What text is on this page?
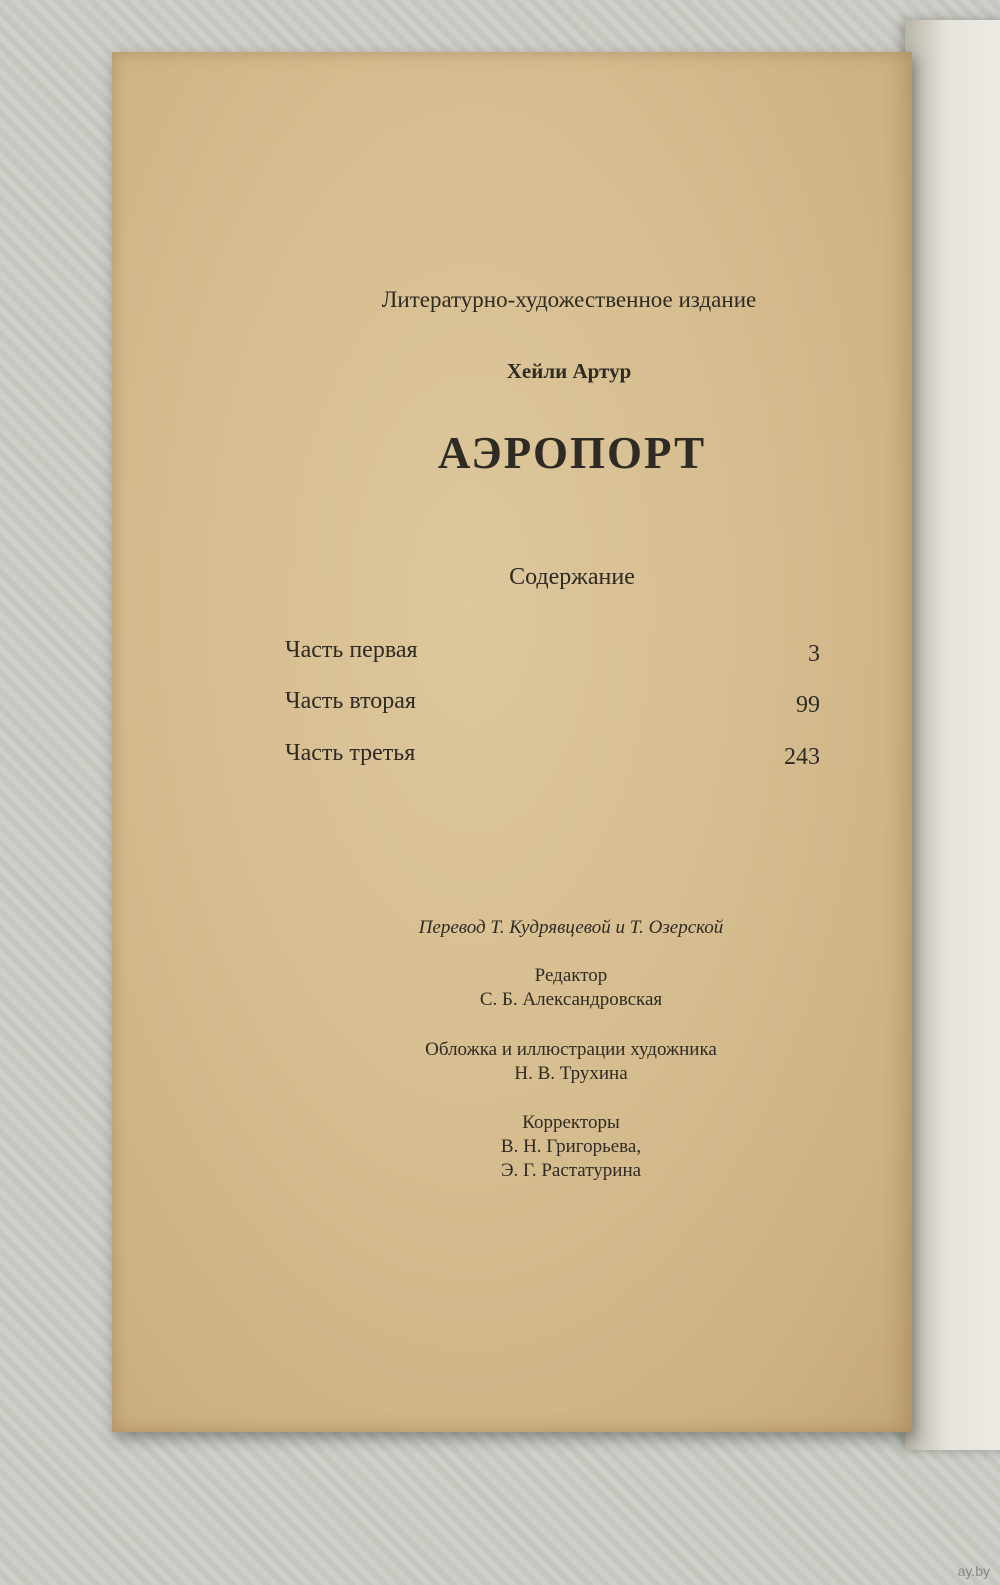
Литературно-художественное издание
Хейли Артур
АЭРОПОРТ
Содержание
Часть первая	3
Часть вторая	99
Часть третья	243
Перевод Т. Кудрявцевой и Т. Озерской
Редактор
С. Б. Александровская
Обложка и иллюстрации художника
Н. В. Трухина
Корректоры
В. Н. Григорьева,
Э. Г. Растатурина
ay.by
